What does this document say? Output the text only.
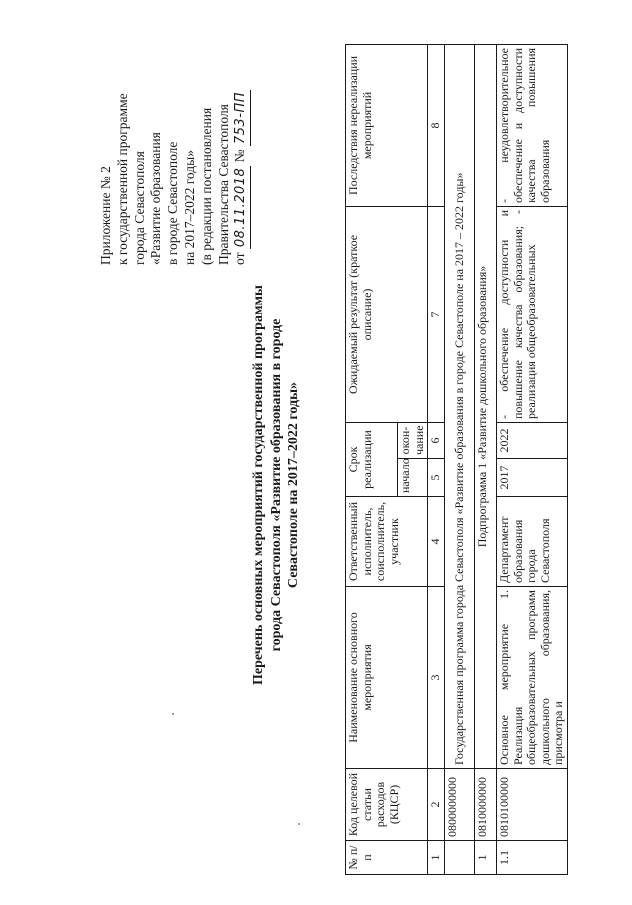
Приложение № 2 к государственной программе города Севастополя «Развитие образования в городе Севастополе на 2017–2022 годы» (в редакции постановления Правительства Севастополя от 08.11.2018 № 753-ПП
Перечень основных мероприятий государственной программы города Севастополя «Развитие образования в городе Севастополе на 2017–2022 годы»
№ п/п	Код целевой статьи расходов (КЦСР)	Наименование основного мероприятия	Ответственный исполнитель, соисполнитель, участник	Срок реализации		Ожидаемый результат (краткое описание)	Последствия нереализации мероприятий
				начало	окон-чание		
1	2	3	4	5	6	7	8
	0800000000	Государственная программа города Севастополя «Развитие образования в городе Севастополе на 2017 – 2022 годы»					
1	0810000000	Подпрограмма 1 «Развитие дошкольного образования»					
1.1	0810100000	Основное мероприятие 1. Реализация общеобразовательных программ дошкольного образования, присмотра и	Департамент образования города Севастополя	2017	2022	- обеспечение доступности и повышение качества образования; - реализация общеобразовательных	- неудовлетворительное обеспечение и доступности качества повышения образования
